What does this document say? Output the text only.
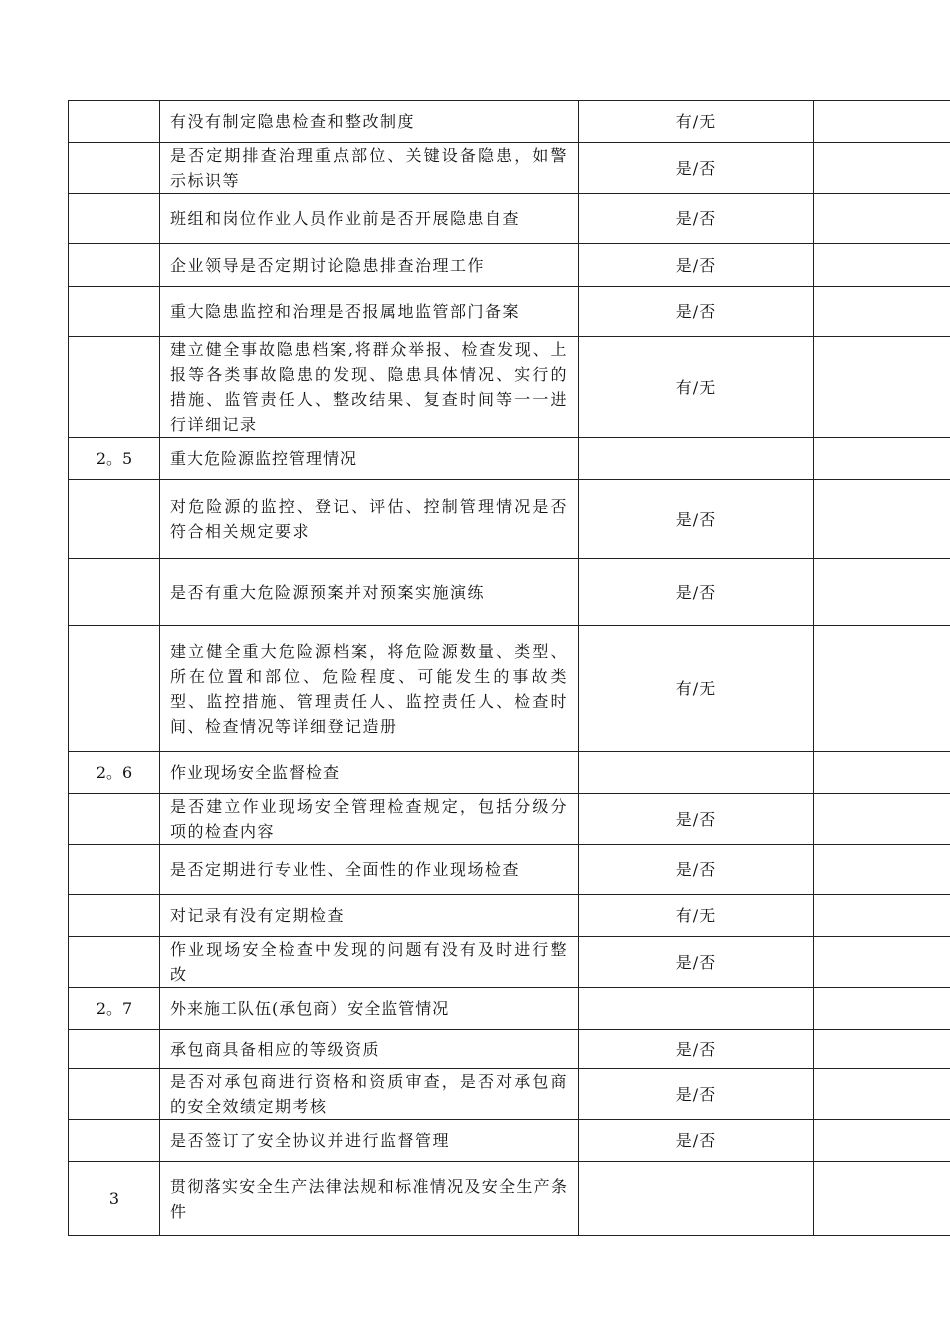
	有没有制定隐患检查和整改制度	有/无	
	是否定期排查治理重点部位、关键设备隐患，如警示标识等	是/否	
	班组和岗位作业人员作业前是否开展隐患自查	是/否	
	企业领导是否定期讨论隐患排查治理工作	是/否	
	重大隐患监控和治理是否报属地监管部门备案	是/否	
	建立健全事故隐患档案,将群众举报、检查发现、上报等各类事故隐患的发现、隐患具体情况、实行的措施、监管责任人、整改结果、复查时间等一一进行详细记录	有/无	
2。5	重大危险源监控管理情况		
	对危险源的监控、登记、评估、控制管理情况是否符合相关规定要求	是/否	
	是否有重大危险源预案并对预案实施演练	是/否	
	建立健全重大危险源档案，将危险源数量、类型、所在位置和部位、危险程度、可能发生的事故类型、监控措施、管理责任人、监控责任人、检查时间、检查情况等详细登记造册	有/无	
2。6	作业现场安全监督检查		
	是否建立作业现场安全管理检查规定，包括分级分项的检查内容	是/否	
	是否定期进行专业性、全面性的作业现场检查	是/否	
	对记录有没有定期检查	有/无	
	作业现场安全检查中发现的问题有没有及时进行整改	是/否	
2。7	外来施工队伍(承包商）安全监管情况		
	承包商具备相应的等级资质	是/否	
	是否对承包商进行资格和资质审查，是否对承包商的安全效绩定期考核	是/否	
	是否签订了安全协议并进行监督管理	是/否	
3	贯彻落实安全生产法律法规和标准情况及安全生产条件		
